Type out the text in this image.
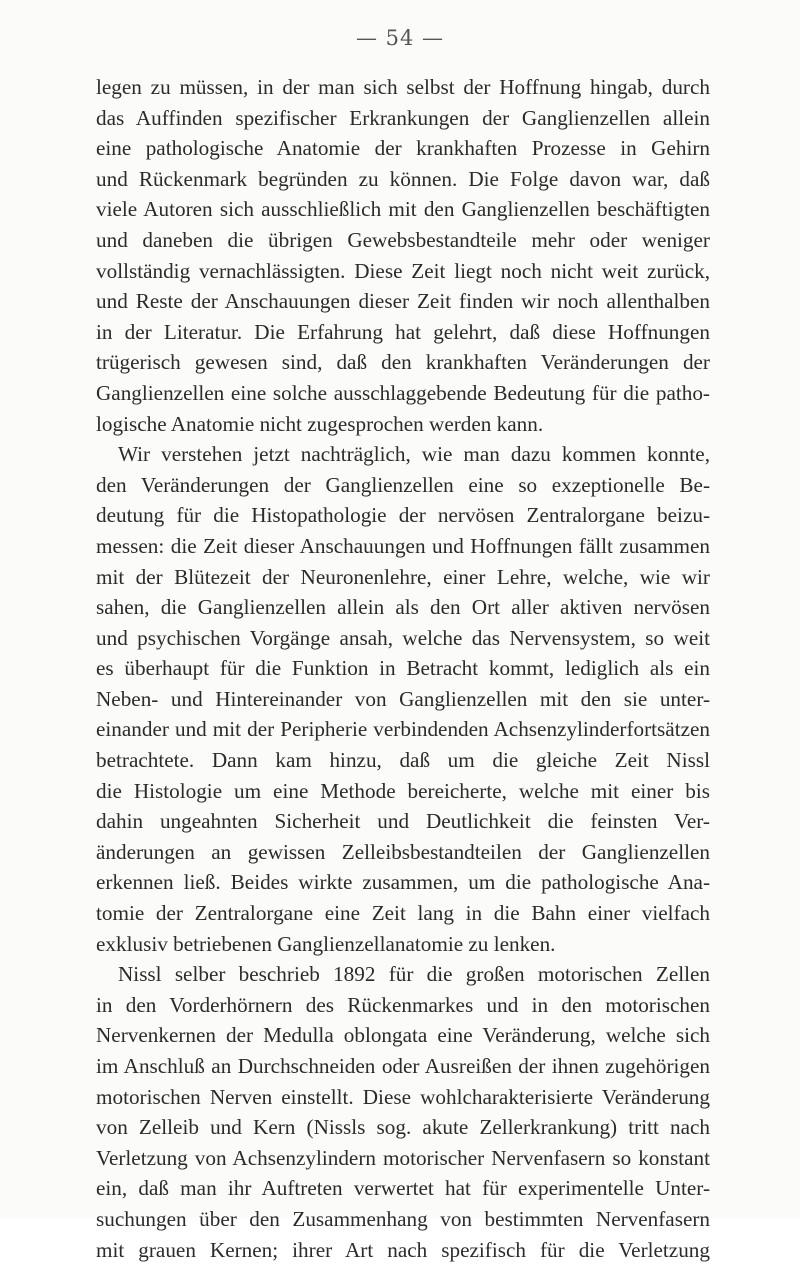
— 54 —
legen zu müssen, in der man sich selbst der Hoffnung hingab, durch
das Auffinden spezifischer Erkrankungen der Ganglienzellen allein
eine pathologische Anatomie der krankhaften Prozesse in Gehirn
und Rückenmark begründen zu können. Die Folge davon war, daß
viele Autoren sich ausschließlich mit den Ganglienzellen beschäftigten
und daneben die übrigen Gewebsbestandteile mehr oder weniger
vollständig vernachlässigten. Diese Zeit liegt noch nicht weit zurück,
und Reste der Anschauungen dieser Zeit finden wir noch allenthalben
in der Literatur. Die Erfahrung hat gelehrt, daß diese Hoffnungen
trügerisch gewesen sind, daß den krankhaften Veränderungen der
Ganglienzellen eine solche ausschlaggebende Bedeutung für die patho-
logische Anatomie nicht zugesprochen werden kann.
Wir verstehen jetzt nachträglich, wie man dazu kommen konnte,
den Veränderungen der Ganglienzellen eine so exzeptionelle Be-
deutung für die Histopathologie der nervösen Zentralorgane beizu-
messen: die Zeit dieser Anschauungen und Hoffnungen fällt zusammen
mit der Blütezeit der Neuronenlehre, einer Lehre, welche, wie wir
sahen, die Ganglienzellen allein als den Ort aller aktiven nervösen
und psychischen Vorgänge ansah, welche das Nervensystem, so weit
es überhaupt für die Funktion in Betracht kommt, lediglich als ein
Neben- und Hintereinander von Ganglienzellen mit den sie unter-
einander und mit der Peripherie verbindenden Achsenzylinderfortsätzen
betrachtete. Dann kam hinzu, daß um die gleiche Zeit Nissl
die Histologie um eine Methode bereicherte, welche mit einer bis
dahin ungeahnten Sicherheit und Deutlichkeit die feinsten Ver-
änderungen an gewissen Zelleibsbestandteilen der Ganglienzellen
erkennen ließ. Beides wirkte zusammen, um die pathologische Ana-
tomie der Zentralorgane eine Zeit lang in die Bahn einer vielfach
exklusiv betriebenen Ganglienzellanatomie zu lenken.
Nissl selber beschrieb 1892 für die großen motorischen Zellen
in den Vorderhörnern des Rückenmarkes und in den motorischen
Nervenkernen der Medulla oblongata eine Veränderung, welche sich
im Anschluß an Durchschneiden oder Ausreißen der ihnen zugehörigen
motorischen Nerven einstellt. Diese wohlcharakterisierte Veränderung
von Zelleib und Kern (Nissls sog. akute Zellerkrankung) tritt nach
Verletzung von Achsenzylindern motorischer Nervenfasern so konstant
ein, daß man ihr Auftreten verwertet hat für experimentelle Unter-
suchungen über den Zusammenhang von bestimmten Nervenfasern
mit grauen Kernen; ihrer Art nach spezifisch für die Verletzung
